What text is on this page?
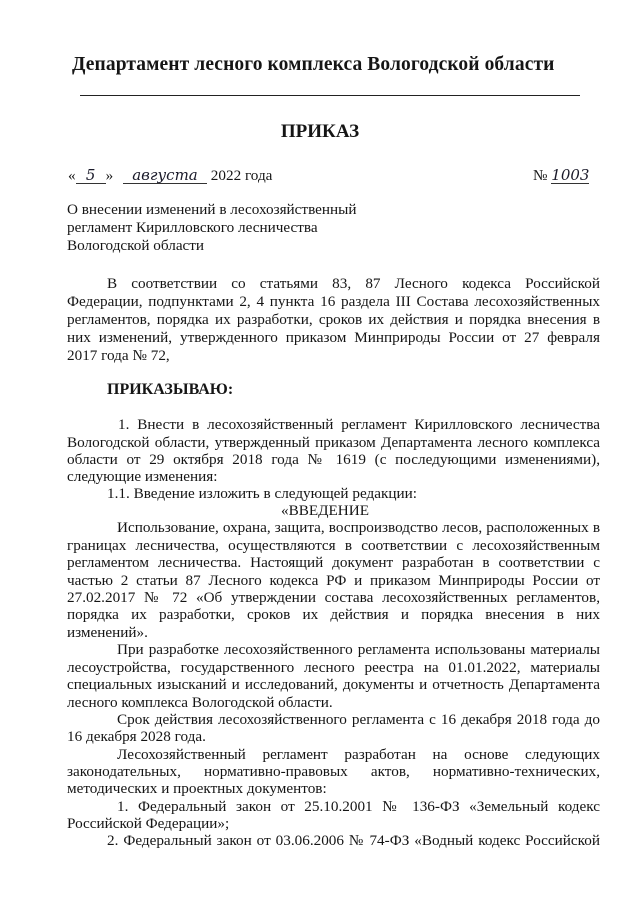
Департамент лесного комплекса Вологодской области
ПРИКАЗ
« 5 » августа 2022 года	№ 1003
О внесении изменений в лесохозяйственный
регламент Кирилловского лесничества
Вологодской области
В соответствии со статьями 83, 87 Лесного кодекса Российской
Федерации, подпунктами 2, 4 пункта 16 раздела III Состава лесохозяйственных
регламентов, порядка их разработки, сроков их действия и порядка внесения в
них изменений, утвержденного приказом Минприроды России от 27 февраля
2017 года № 72,
ПРИКАЗЫВАЮ:
1. Внести в лесохозяйственный регламент Кирилловского лесничества
Вологодской области, утвержденный приказом Департамента лесного комплекса
области от 29 октября 2018 года № 1619 (с последующими изменениями),
следующие изменения:
1.1. Введение изложить в следующей редакции:
«ВВЕДЕНИЕ
Использование, охрана, защита, воспроизводство лесов, расположенных в
границах лесничества, осуществляются в соответствии с лесохозяйственным
регламентом лесничества. Настоящий документ разработан в соответствии с
частью 2 статьи 87 Лесного кодекса РФ и приказом Минприроды России от
27.02.2017 № 72 «Об утверждении состава лесохозяйственных регламентов,
порядка их разработки, сроков их действия и порядка внесения в них
изменений».
При разработке лесохозяйственного регламента использованы материалы
лесоустройства, государственного лесного реестра на 01.01.2022, материалы
специальных изысканий и исследований, документы и отчетность Департамента
лесного комплекса Вологодской области.
Срок действия лесохозяйственного регламента с 16 декабря 2018 года до
16 декабря 2028 года.
Лесохозяйственный регламент разработан на основе следующих
законодательных, нормативно-правовых актов, нормативно-технических,
методических и проектных документов:
1. Федеральный закон от 25.10.2001 № 136-ФЗ «Земельный кодекс
Российской Федерации»;
2. Федеральный закон от 03.06.2006 № 74-ФЗ «Водный кодекс Российской
